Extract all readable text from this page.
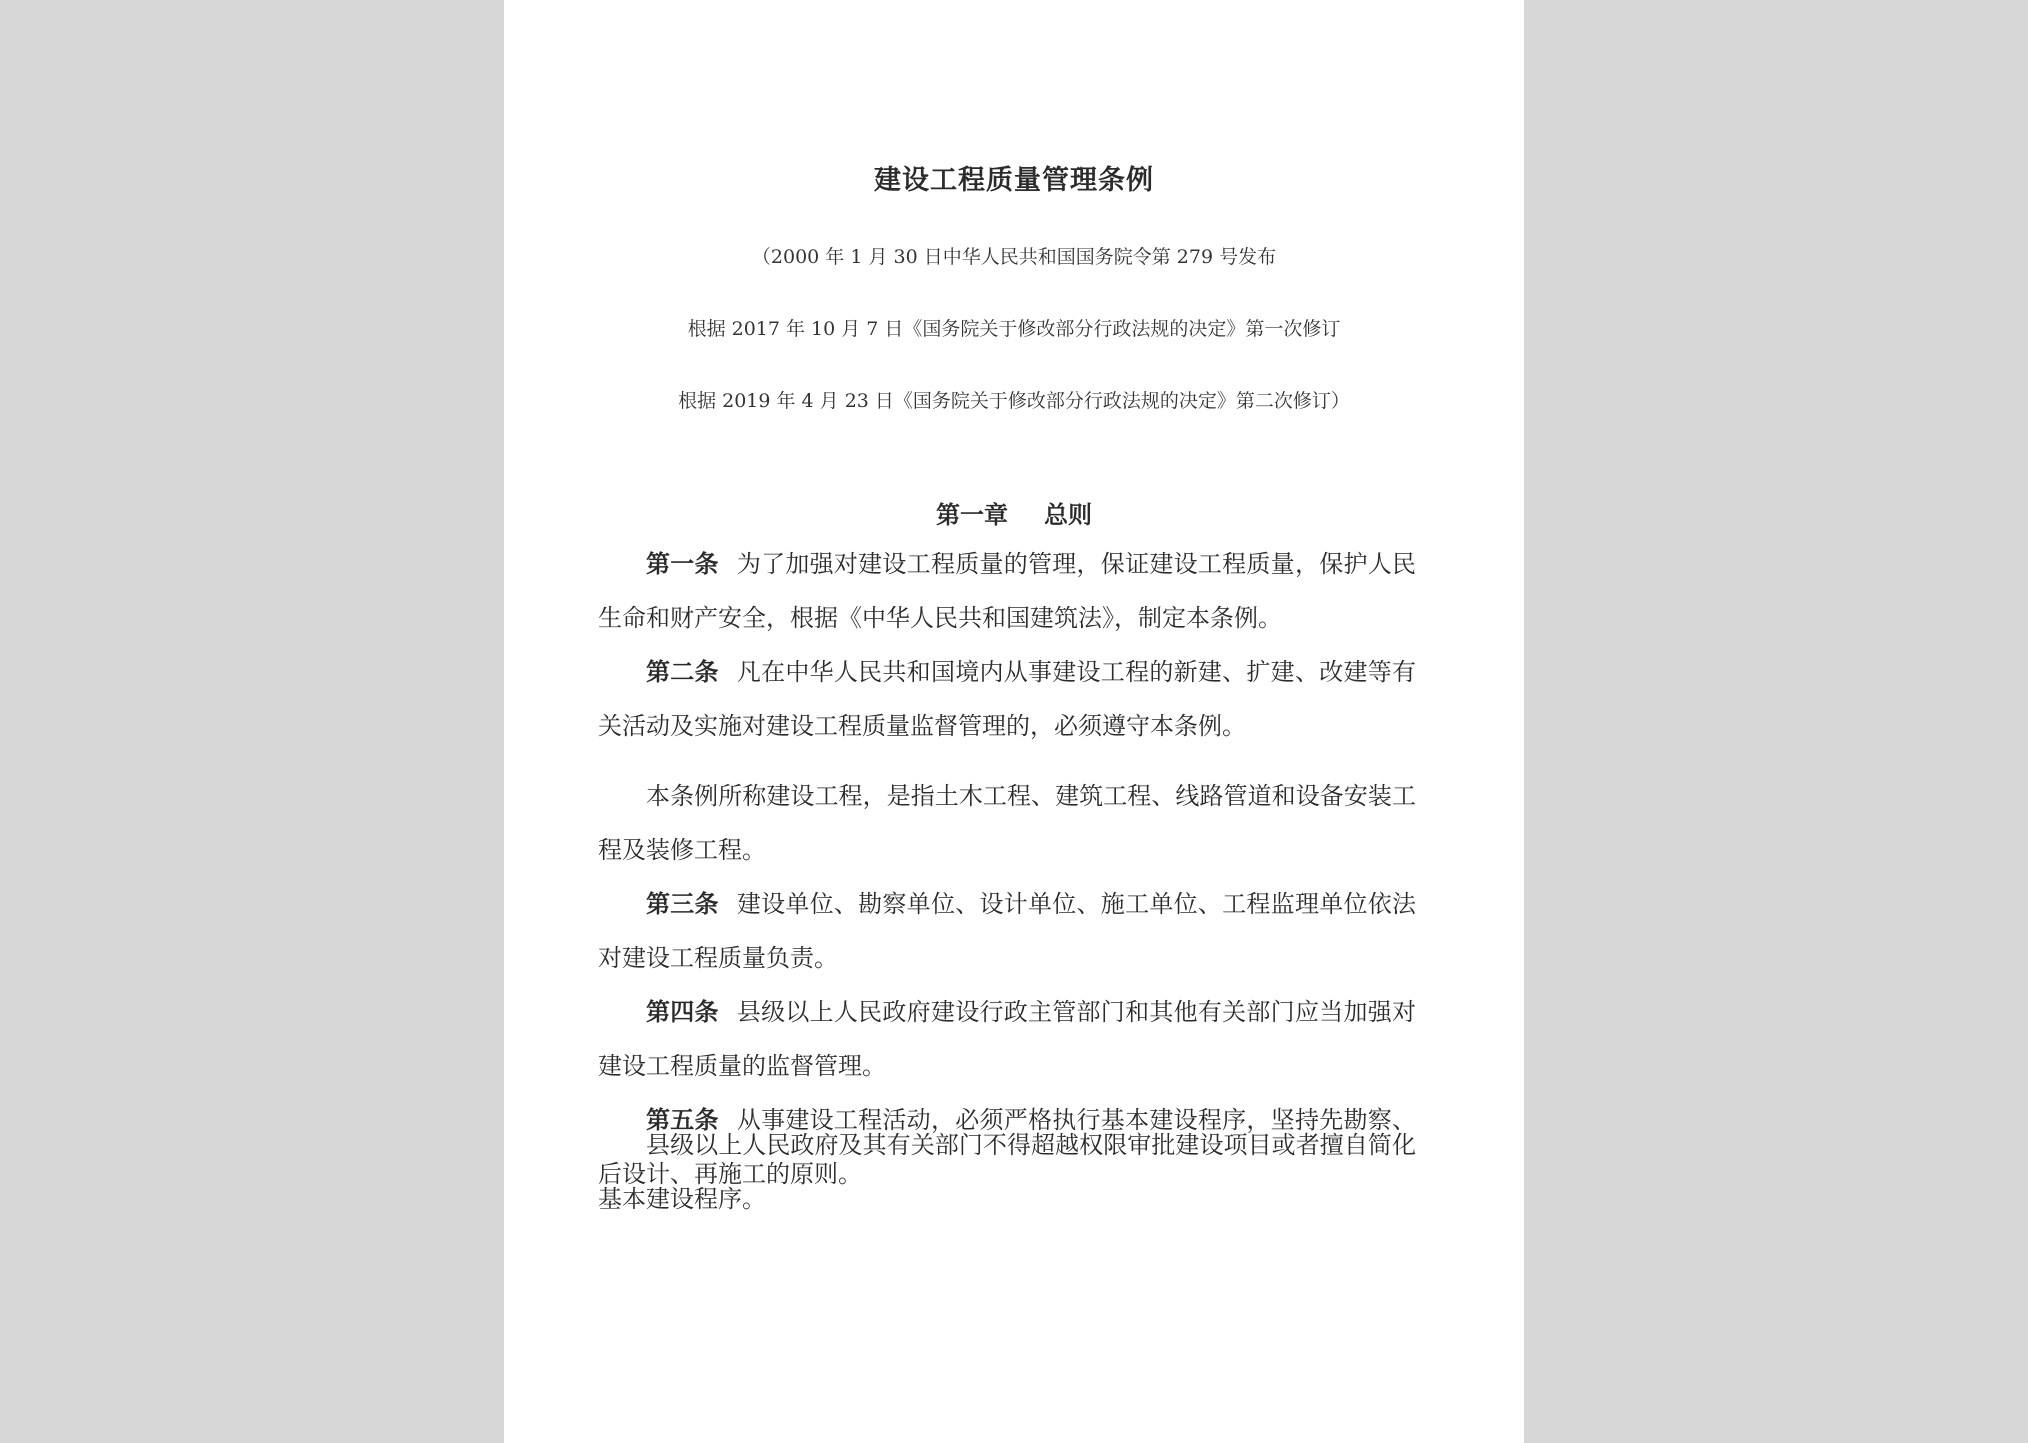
建设工程质量管理条例
（2000 年 1 月 30 日中华人民共和国国务院令第 279 号发布
根据 2017 年 10 月 7 日《国务院关于修改部分行政法规的决定》第一次修订
根据 2019 年 4 月 23 日《国务院关于修改部分行政法规的决定》第二次修订）
第一章 总则

第一条 为了加强对建设工程质量的管理，保证建设工程质量，保护人民生命和财产安全，根据《中华人民共和国建筑法》，制定本条例。

第二条 凡在中华人民共和国境内从事建设工程的新建、扩建、改建等有关活动及实施对建设工程质量监督管理的，必须遵守本条例。

本条例所称建设工程，是指土木工程、建筑工程、线路管道和设备安装工程及装修工程。

第三条 建设单位、勘察单位、设计单位、施工单位、工程监理单位依法对建设工程质量负责。

第四条 县级以上人民政府建设行政主管部门和其他有关部门应当加强对建设工程质量的监督管理。

第五条 从事建设工程活动，必须严格执行基本建设程序，坚持先勘察、后设计、再施工的原则。

县级以上人民政府及其有关部门不得超越权限审批建设项目或者擅自简化基本建设程序。
